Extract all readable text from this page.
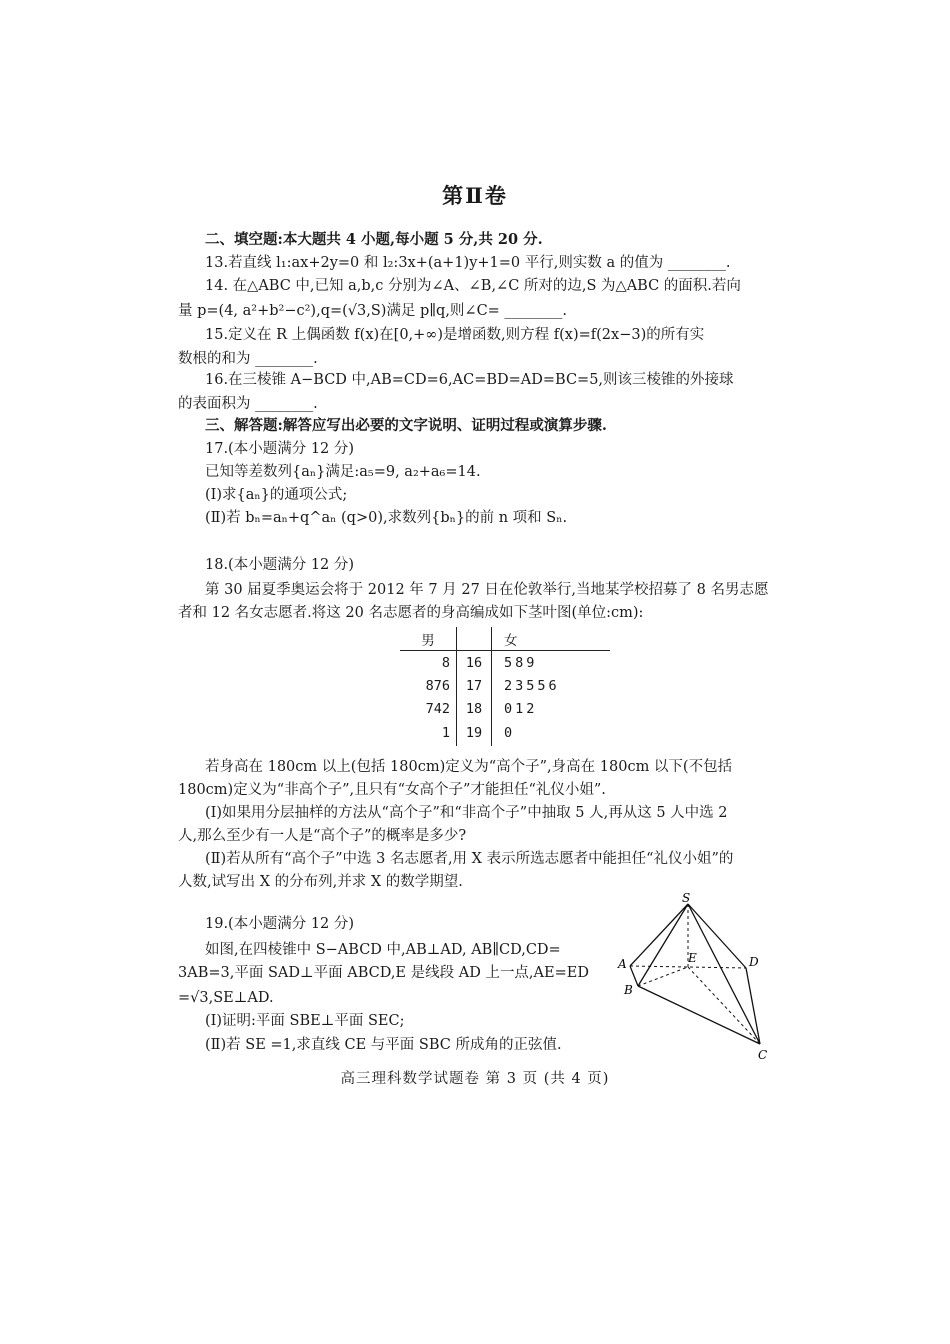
第Ⅱ卷
二、填空题:本大题共 4 小题,每小题 5 分,共 20 分.
13.若直线 l₁:ax+2y=0 和 l₂:3x+(a+1)y+1=0 平行,则实数 a 的值为 ________.
14. 在△ABC 中,已知 a,b,c 分别为∠A、∠B,∠C 所对的边,S 为△ABC 的面积.若向
量 p=(4, a²+b²−c²),q=(√3,S)满足 p∥q,则∠C= ________.
15.定义在 R 上偶函数 f(x)在[0,+∞)是增函数,则方程 f(x)=f(2x−3)的所有实
数根的和为 ________.
16.在三棱锥 A−BCD 中,AB=CD=6,AC=BD=AD=BC=5,则该三棱锥的外接球
的表面积为 ________.
三、解答题:解答应写出必要的文字说明、证明过程或演算步骤.
17.(本小题满分 12 分)
已知等差数列{aₙ}满足:a₅=9, a₂+a₆=14.
(Ⅰ)求{aₙ}的通项公式;
(Ⅱ)若 bₙ=aₙ+q^aₙ (q>0),求数列{bₙ}的前 n 项和 Sₙ.
18.(本小题满分 12 分)
第 30 届夏季奥运会将于 2012 年 7 月 27 日在伦敦举行,当地某学校招募了 8 名男志愿
者和 12 名女志愿者.将这 20 名志愿者的身高编成如下茎叶图(单位:cm):
男		女
8	16	589
876	17	23556
742	18	012
1	19	0
若身高在 180cm 以上(包括 180cm)定义为“高个子”,身高在 180cm 以下(不包括
180cm)定义为“非高个子”,且只有“女高个子”才能担任“礼仪小姐”.
(Ⅰ)如果用分层抽样的方法从“高个子”和“非高个子”中抽取 5 人,再从这 5 人中选 2
人,那么至少有一人是“高个子”的概率是多少?
(Ⅱ)若从所有“高个子”中选 3 名志愿者,用 X 表示所选志愿者中能担任“礼仪小姐”的
人数,试写出 X 的分布列,并求 X 的数学期望.
19.(本小题满分 12 分)
如图,在四棱锥中 S−ABCD 中,AB⊥AD, AB∥CD,CD=
3AB=3,平面 SAD⊥平面 ABCD,E 是线段 AD 上一点,AE=ED
=√3,SE⊥AD.
(Ⅰ)证明:平面 SBE⊥平面 SEC;
(Ⅱ)若 SE =1,求直线 CE 与平面 SBC 所成角的正弦值.
S
A	E	D
B
C
高三理科数学试题卷 第 3 页 (共 4 页)
